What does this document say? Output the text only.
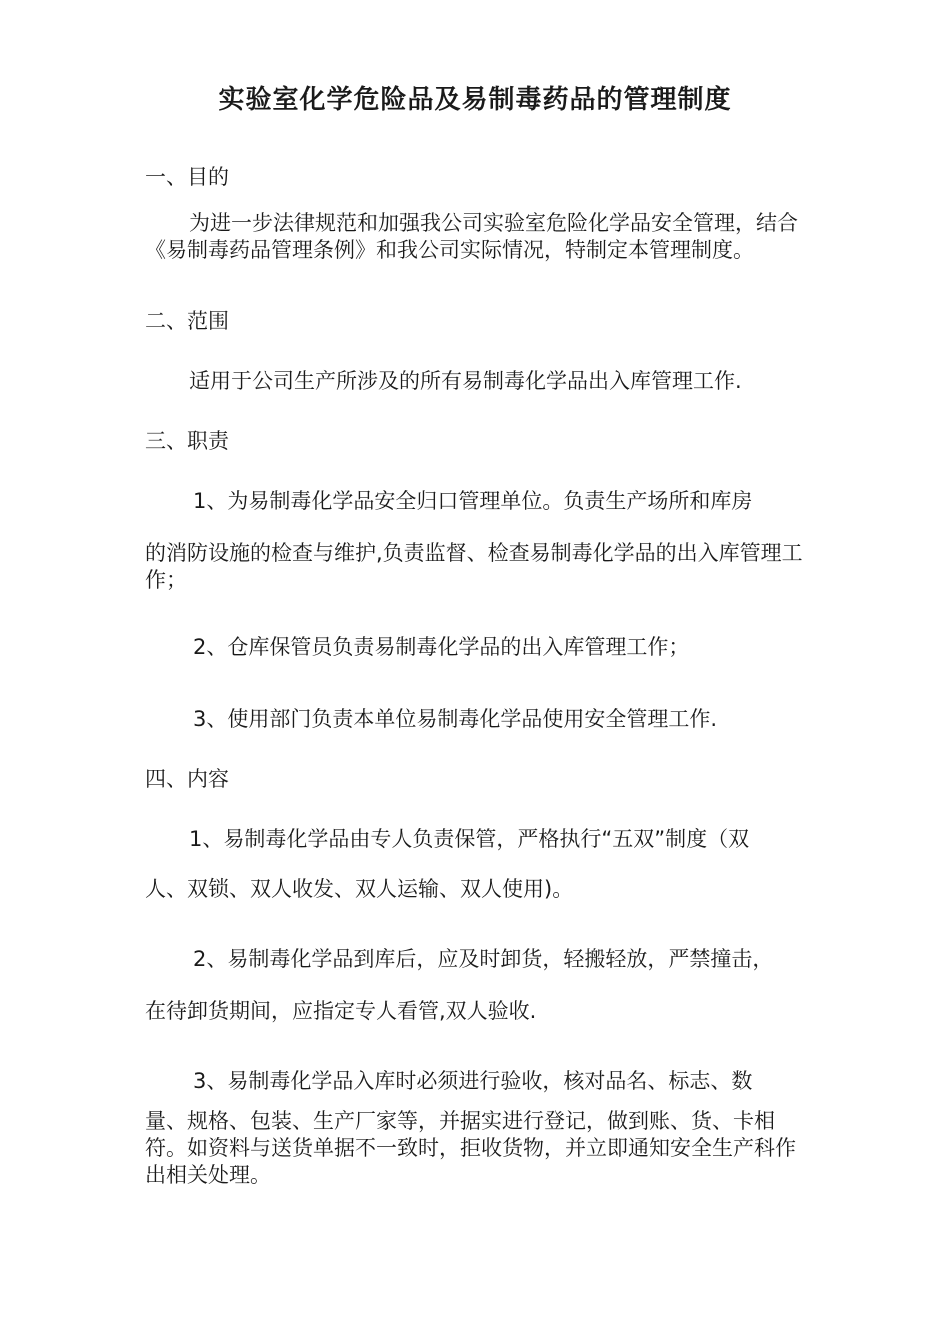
实验室化学危险品及易制毒药品的管理制度

一、目的

为进一步法律规范和加强我公司实验室危险化学品安全管理，结合《易制毒药品管理条例》和我公司实际情况，特制定本管理制度。

二、范围

适用于公司生产所涉及的所有易制毒化学品出入库管理工作.

三、职责

1、为易制毒化学品安全归口管理单位。负责生产场所和库房

的消防设施的检查与维护,负责监督、检查易制毒化学品的出入库管理工作；

2、仓库保管员负责易制毒化学品的出入库管理工作；

3、使用部门负责本单位易制毒化学品使用安全管理工作.

四、内容

1、易制毒化学品由专人负责保管，严格执行“五双”制度（双

人、双锁、双人收发、双人运输、双人使用)。

2、易制毒化学品到库后，应及时卸货，轻搬轻放，严禁撞击，

在待卸货期间，应指定专人看管,双人验收.

3、易制毒化学品入库时必须进行验收，核对品名、标志、数

量、规格、包装、生产厂家等，并据实进行登记，做到账、货、卡相符。如资料与送货单据不一致时，拒收货物，并立即通知安全生产科作出相关处理。
